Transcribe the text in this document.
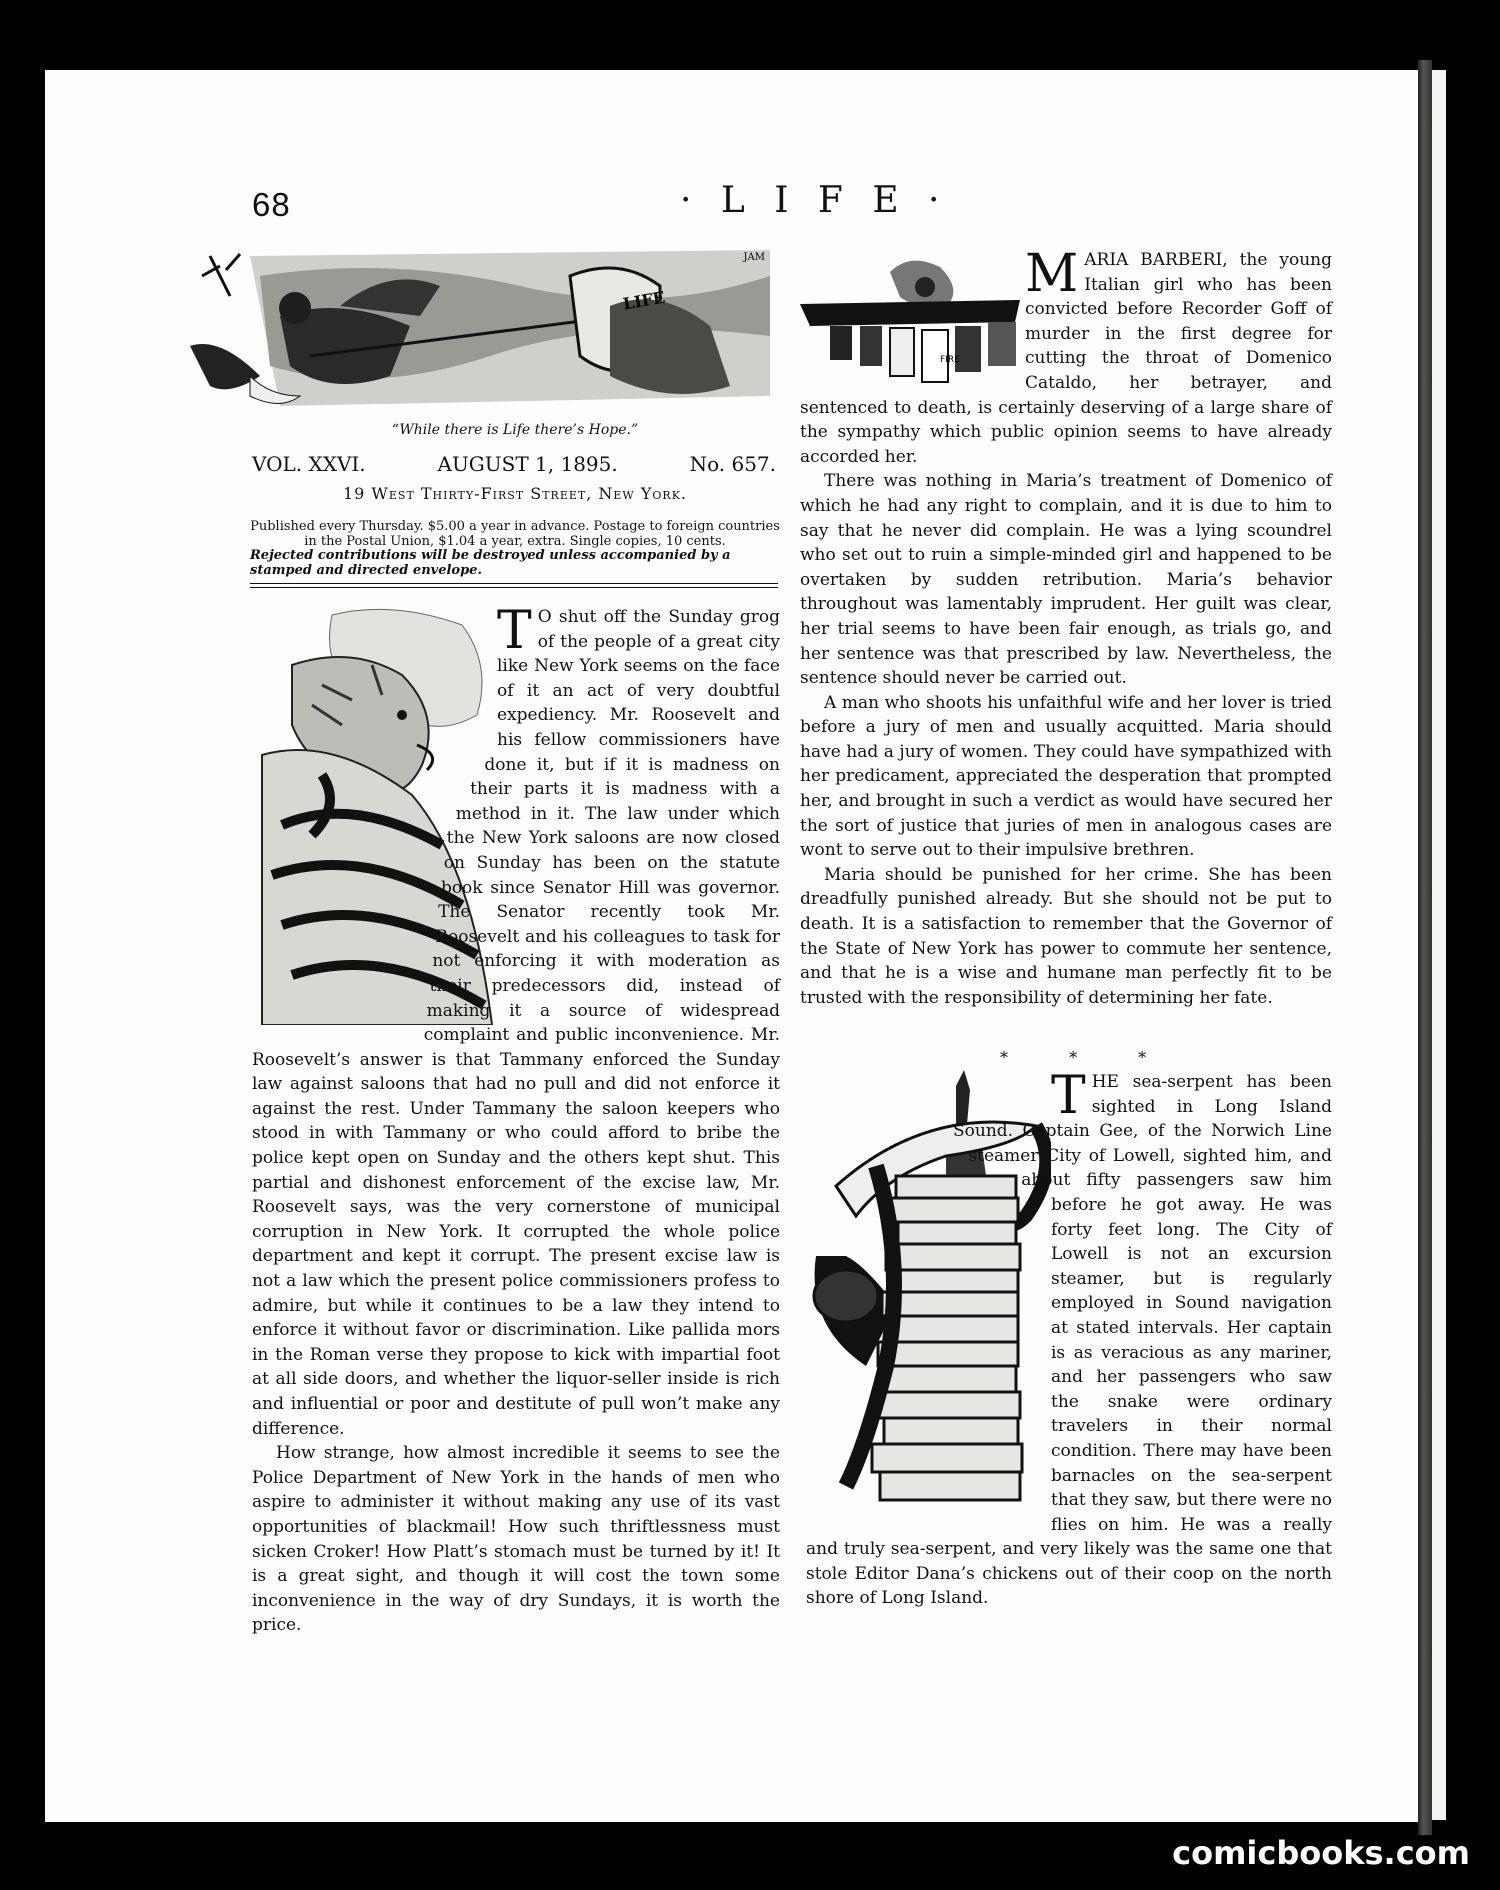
68	· L I F E ·
JAM
LIFE
“While there is Life there’s Hope.”
VOL. XXVI.	AUGUST 1, 1895.	No. 657.
19 West Thirty-First Street, New York.
Published every Thursday. $5.00 a year in advance. Postage to foreign countries in the Postal Union, $1.04 a year, extra. Single copies, 10 cents.
Rejected contributions will be destroyed unless accompanied by a stamped and directed envelope.

T O shut off the Sunday grog of the people of a great city like New York seems on the face of it an act of very doubtful expediency. Mr. Roosevelt and his fellow commissioners have done it, but if it is madness on their parts it is madness with a method in it. The law under which the New York saloons are now closed on Sunday has been on the statute book since Senator Hill was governor. The Senator recently took Mr. Roosevelt and his colleagues to task for not enforcing it with moderation as their predecessors did, instead of making it a source of widespread complaint and public inconvenience. Mr. Roosevelt’s answer is that Tammany enforced the Sunday law against saloons that had no pull and did not enforce it against the rest. Under Tammany the saloon keepers who stood in with Tammany or who could afford to bribe the police kept open on Sunday and the others kept shut. This partial and dishonest enforcement of the excise law, Mr. Roosevelt says, was the very cornerstone of municipal corruption in New York. It corrupted the whole police department and kept it corrupt. The present excise law is not a law which the present police commissioners profess to admire, but while it continues to be a law they intend to enforce it without favor or discrimination. Like pallida mors in the Roman verse they propose to kick with impartial foot at all side doors, and whether the liquor-seller inside is rich and influential or poor and destitute of pull won’t make any difference.

How strange, how almost incredible it seems to see the Police Department of New York in the hands of men who aspire to administer it without making any use of its vast opportunities of blackmail! How such thriftlessness must sicken Croker! How Platt’s stomach must be turned by it! It is a great sight, and though it will cost the town some inconvenience in the way of dry Sundays, it is worth the price.

FIRE

MARIA BARBERI, the young Italian girl who has been convicted before Recorder Goff of murder in the first degree for cutting the throat of Domenico Cataldo, her betrayer, and sentenced to death, is certainly deserving of a large share of the sympathy which public opinion seems to have already accorded her.

There was nothing in Maria’s treatment of Domenico of which he had any right to complain, and it is due to him to say that he never did complain. He was a lying scoundrel who set out to ruin a simple-minded girl and happened to be overtaken by sudden retribution. Maria’s behavior throughout was lamentably imprudent. Her guilt was clear, her trial seems to have been fair enough, as trials go, and her sentence was that prescribed by law. Nevertheless, the sentence should never be carried out.

A man who shoots his unfaithful wife and her lover is tried before a jury of men and usually acquitted. Maria should have had a jury of women. They could have sympathized with her predicament, appreciated the desperation that prompted her, and brought in such a verdict as would have secured her the sort of justice that juries of men in analogous cases are wont to serve out to their impulsive brethren.

Maria should be punished for her crime. She has been dreadfully punished already. But she should not be put to death. It is a satisfaction to remember that the Governor of the State of New York has power to commute her sentence, and that he is a wise and humane man perfectly fit to be trusted with the responsibility of determining her fate.

* * *

THE sea-serpent has been sighted in Long Island Sound. Captain Gee, of the Norwich Line steamer City of Lowell, sighted him, and about fifty passengers saw him before he got away. He was forty feet long. The City of Lowell is not an excursion steamer, but is regularly employed in Sound navigation at stated intervals. Her captain is as veracious as any mariner, and her passengers who saw the snake were ordinary travelers in their normal condition. There may have been barnacles on the sea-serpent that they saw, but there were no flies on him. He was a really and truly sea-serpent, and very likely was the same one that stole Editor Dana’s chickens out of their coop on the north shore of Long Island.

comicbooks.com
